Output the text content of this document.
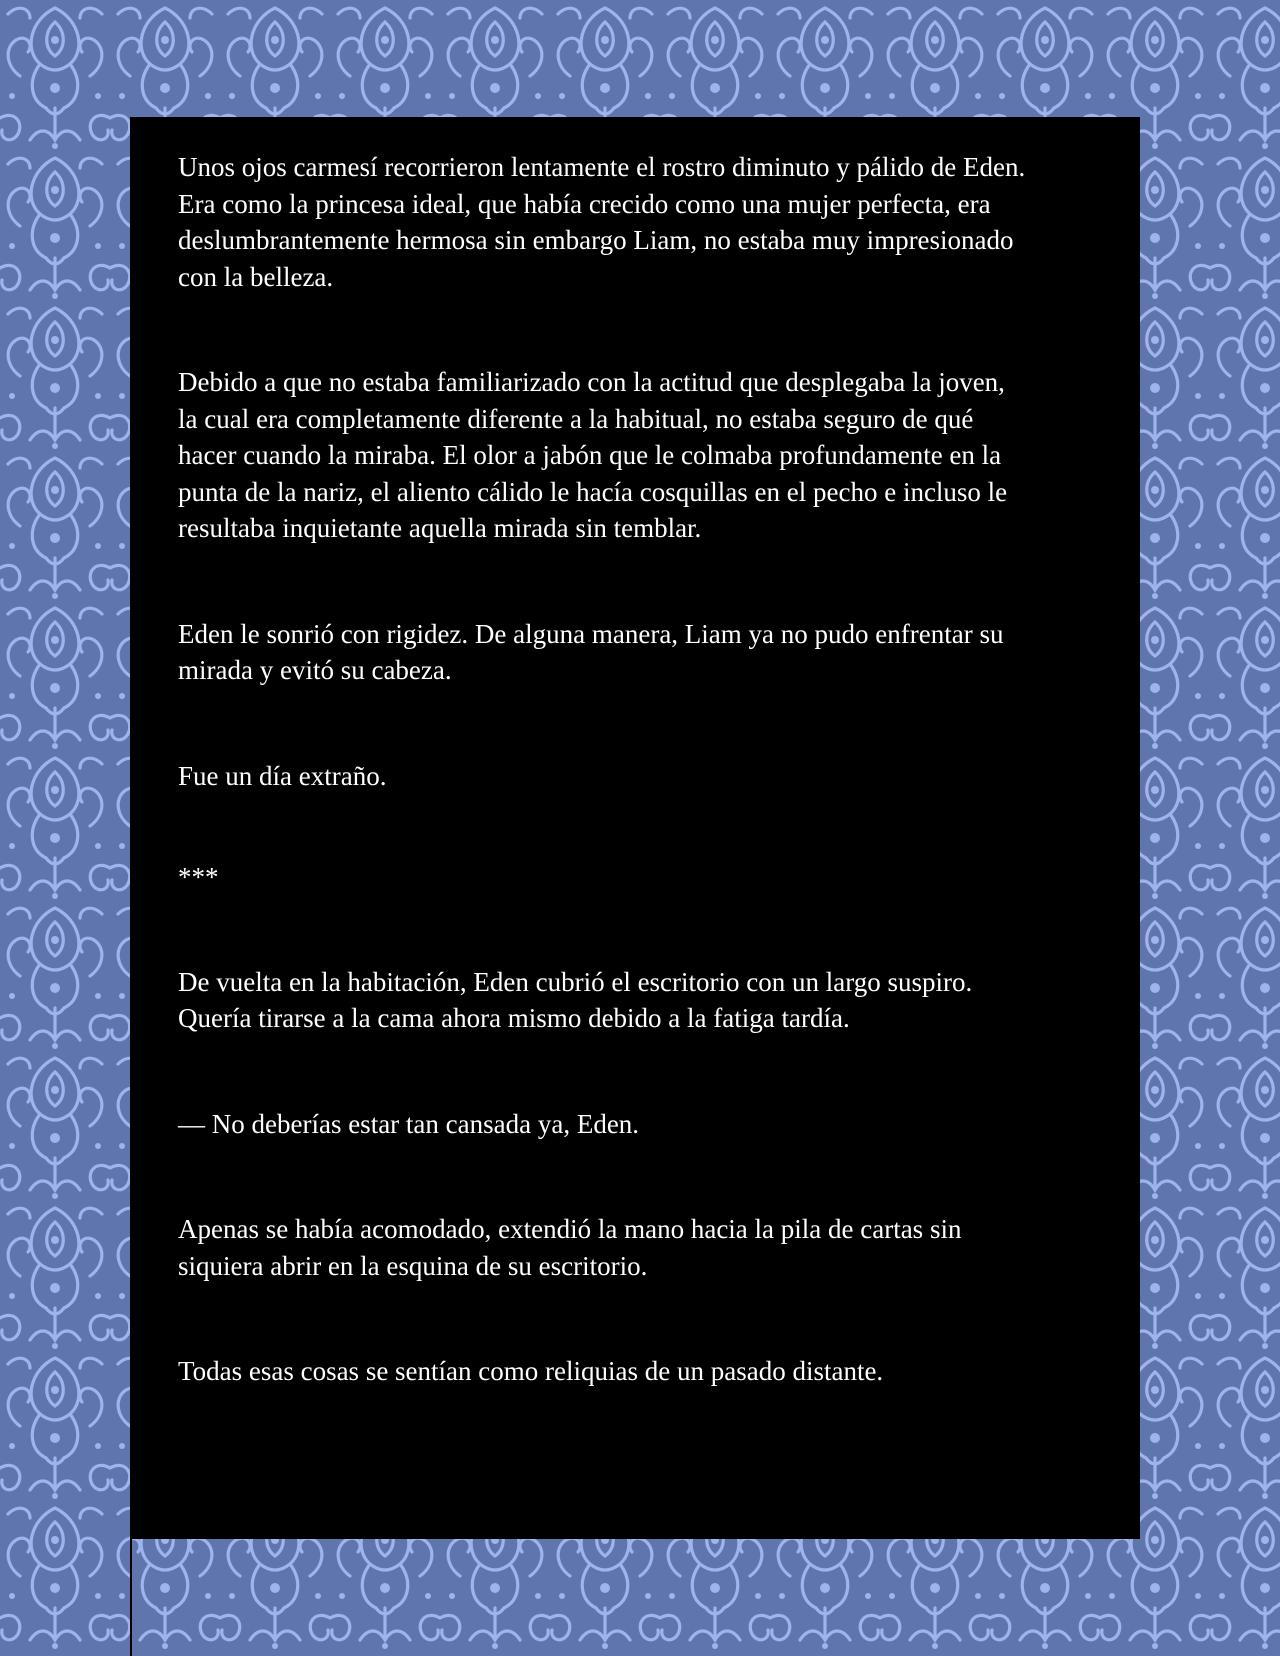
Unos ojos carmesí recorrieron lentamente el rostro diminuto y pálido de Eden.
Era como la princesa ideal, que había crecido como una mujer perfecta, era
deslumbrantemente hermosa sin embargo Liam, no estaba muy impresionado
con la belleza.

Debido a que no estaba familiarizado con la actitud que desplegaba la joven,
la cual era completamente diferente a la habitual, no estaba seguro de qué
hacer cuando la miraba. El olor a jabón que le colmaba profundamente en la
punta de la nariz, el aliento cálido le hacía cosquillas en el pecho e incluso le
resultaba inquietante aquella mirada sin temblar.

Eden le sonrió con rigidez. De alguna manera, Liam ya no pudo enfrentar su
mirada y evitó su cabeza.

Fue un día extraño.

***

De vuelta en la habitación, Eden cubrió el escritorio con un largo suspiro.
Quería tirarse a la cama ahora mismo debido a la fatiga tardía.

— No deberías estar tan cansada ya, Eden.

Apenas se había acomodado, extendió la mano hacia la pila de cartas sin
siquiera abrir en la esquina de su escritorio.

Todas esas cosas se sentían como reliquias de un pasado distante.
